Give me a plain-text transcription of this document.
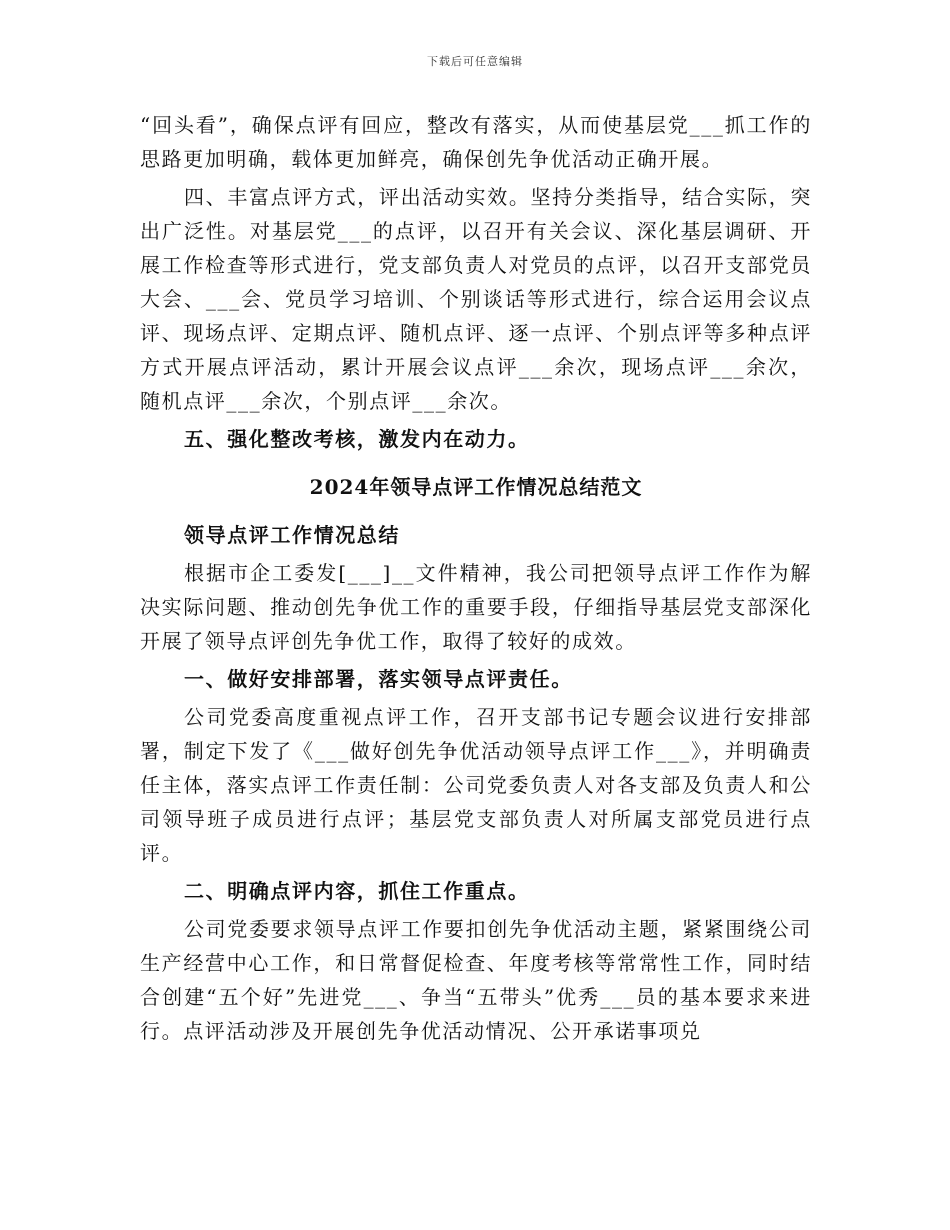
下载后可任意编辑

“回头看”，确保点评有回应，整改有落实，从而使基层党___抓工作的思路更加明确，载体更加鲜亮，确保创先争优活动正确开展。

四、丰富点评方式，评出活动实效。坚持分类指导，结合实际，突出广泛性。对基层党___的点评，以召开有关会议、深化基层调研、开展工作检查等形式进行，党支部负责人对党员的点评，以召开支部党员大会、___会、党员学习培训、个别谈话等形式进行，综合运用会议点评、现场点评、定期点评、随机点评、逐一点评、个别点评等多种点评方式开展点评活动，累计开展会议点评___余次，现场点评___余次，随机点评___余次，个别点评___余次。

五、强化整改考核，激发内在动力。

2024年领导点评工作情况总结范文

领导点评工作情况总结

根据市企工委发[___]__文件精神，我公司把领导点评工作作为解决实际问题、推动创先争优工作的重要手段，仔细指导基层党支部深化开展了领导点评创先争优工作，取得了较好的成效。

一、做好安排部署，落实领导点评责任。

公司党委高度重视点评工作，召开支部书记专题会议进行安排部署，制定下发了《___做好创先争优活动领导点评工作___》，并明确责任主体，落实点评工作责任制：公司党委负责人对各支部及负责人和公司领导班子成员进行点评；基层党支部负责人对所属支部党员进行点评。

二、明确点评内容，抓住工作重点。

公司党委要求领导点评工作要扣创先争优活动主题，紧紧围绕公司生产经营中心工作，和日常督促检查、年度考核等常常性工作，同时结合创建“五个好”先进党___、争当“五带头”优秀___员的基本要求来进行。点评活动涉及开展创先争优活动情况、公开承诺事项兑
